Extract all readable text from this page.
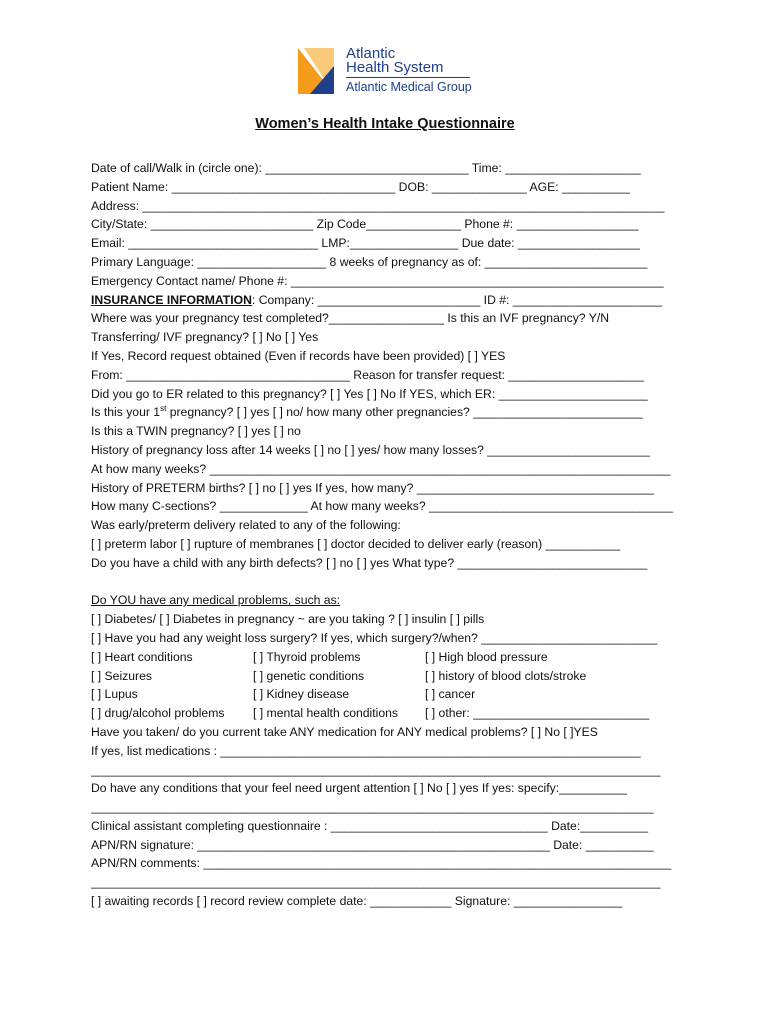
Atlantic
Health System
Atlantic Medical Group
Women’s Health Intake Questionnaire
Date of call/Walk in (circle one): ______________________________ Time: ____________________
Patient Name: _________________________________ DOB: ______________ AGE: __________
Address: _____________________________________________________________________________
City/State: ________________________ Zip Code______________ Phone #: __________________
Email: ____________________________ LMP:________________ Due date: __________________
Primary Language: ___________________ 8 weeks of pregnancy as of: ________________________
Emergency Contact name/ Phone #: _______________________________________________________
INSURANCE INFORMATION: Company: ________________________ ID #: ______________________
Where was your pregnancy test completed?_________________ Is this an IVF pregnancy? Y/N
Transferring/ IVF pregnancy? [ ] No [ ] Yes
If Yes, Record request obtained (Even if records have been provided) [ ] YES
From: _________________________________ Reason for transfer request: ____________________
Did you go to ER related to this pregnancy? [ ] Yes [ ] No If YES, which ER: ______________________
Is this your 1st pregnancy? [ ] yes [ ] no/ how many other pregnancies? _________________________
Is this a TWIN pregnancy? [ ] yes [ ] no
History of pregnancy loss after 14 weeks [ ] no [ ] yes/ how many losses? ________________________
At how many weeks? ____________________________________________________________________
History of PRETERM births? [ ] no [ ] yes If yes, how many? ___________________________________
How many C-sections? _____________ At how many weeks? ____________________________________
Was early/preterm delivery related to any of the following:
[ ] preterm labor [ ] rupture of membranes [ ] doctor decided to deliver early (reason) ___________
Do you have a child with any birth defects? [ ] no [ ] yes What type? ____________________________
Do YOU have any medical problems, such as:
[ ] Diabetes/ [ ] Diabetes in pregnancy ~ are you taking ? [ ] insulin [ ] pills
[ ] Have you had any weight loss surgery? If yes, which surgery?/when? __________________________
[ ] Heart conditions	[ ] Thyroid problems	[ ] High blood pressure
[ ] Seizures	[ ] genetic conditions	[ ] history of blood clots/stroke
[ ] Lupus	[ ] Kidney disease	[ ] cancer
[ ] drug/alcohol problems [ ] mental health conditions [ ] other: __________________________
Have you taken/ do you current take ANY medication for ANY medical problems? [ ] No [ ]YES
If yes, list medications : ______________________________________________________________
____________________________________________________________________________________
Do have any conditions that your feel need urgent attention [ ] No [ ] yes If yes: specify:__________
___________________________________________________________________________________
Clinical assistant completing questionnaire : ________________________________ Date:__________
APN/RN signature: ____________________________________________________ Date: __________
APN/RN comments: _____________________________________________________________________
____________________________________________________________________________________
[ ] awaiting records [ ] record review complete date: ____________ Signature: ________________
